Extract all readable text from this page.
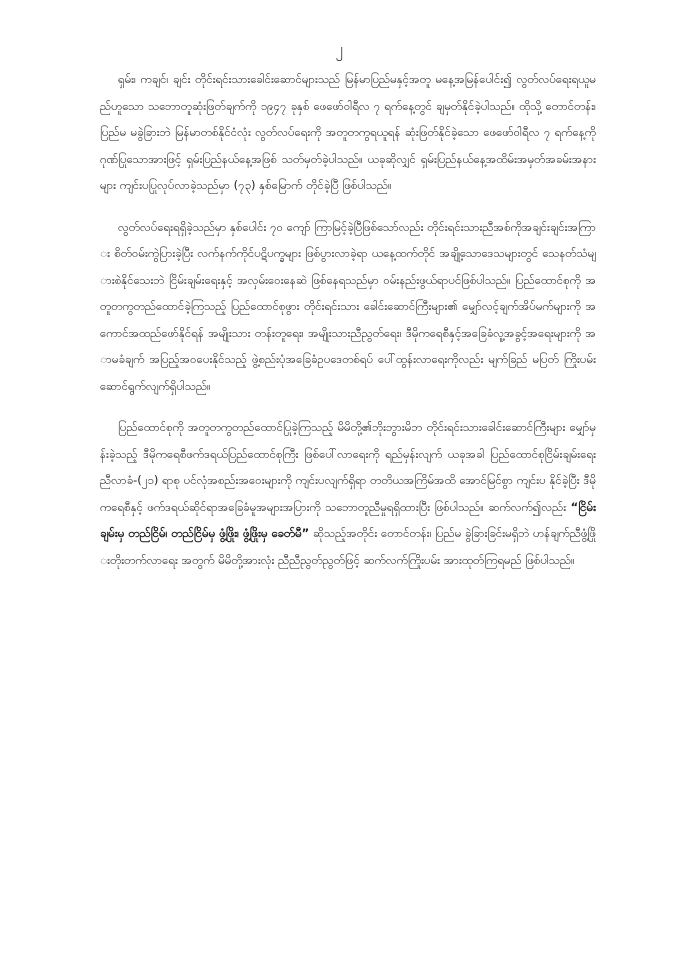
၂

ရှမ်း၊ ကချင်၊ ချင်း တိုင်းရင်းသားခေါင်းဆောင်များသည် မြန်မာပြည်မနှင့်အတူ မနေ့အမြန်ပေါင်း၍ လွတ်လပ်ရေးရယူမည်ဟူသော သဘောတူဆုံးဖြတ်ချက်ကို ၁၉၄၇ ခုနှစ် ဖေဖော်ဝါရီလ ၇ ရက်နေ့တွင် ချမှတ်နိုင်ခဲ့ပါသည်။ ထိုသို့ တောင်တန်း၊ ပြည်မ မခွဲခြားဘဲ မြန်မာတစ်နိုင်ငံလုံး လွတ်လပ်ရေးကို အတူတကွရယူရန် ဆုံးဖြတ်နိုင်ခဲ့သော ဖေဖော်ဝါရီလ ၇ ရက်နေ့ကို ဂုဏ်ပြုသောအားဖြင့် ရှမ်းပြည်နယ်နေ့အဖြစ် သတ်မှတ်ခဲ့ပါသည်။ ယခုဆိုလျှင် ရှမ်းပြည်နယ်နေ့အထိမ်းအမှတ်အခမ်းအနားများ ကျင်းပပြုလုပ်လာခဲ့သည်မှာ (၇၃) နှစ်မြောက် တိုင်ခဲ့ပြီ ဖြစ်ပါသည်။

လွတ်လပ်ရေးရရှိခဲ့သည်မှာ နှစ်ပေါင်း ၇၀ ကျော် ကြာမြင့်ခဲ့ပြီဖြစ်သော်လည်း တိုင်းရင်းသားညီအစ်ကိုအချင်းချင်းအကြား စိတ်ဝမ်းကွဲပြားခဲ့ပြီး လက်နက်ကိုင်ပဋိပက္ခများ ဖြစ်ပွားလာခဲ့ရာ ယနေ့ထက်တိုင် အချို့သောဒေသများတွင် သေနတ်သံများစဲနိုင်သေးဘဲ ငြိမ်းချမ်းရေးနှင့် အလှမ်းဝေးနေဆဲ ဖြစ်နေရသည်မှာ ဝမ်းနည်းဖွယ်ရာပင်ဖြစ်ပါသည်။ ပြည်ထောင်စုကို အတူတကွတည်ထောင်ခဲ့ကြသည့် ပြည်ထောင်စုဖွား တိုင်းရင်းသား ခေါင်းဆောင်ကြီးများ၏ မျှော်လင့်ချက်အိပ်မက်များကို အကောင်အထည်ဖော်နိုင်ရန် အမျိုးသား တန်းတူရေး၊ အမျိုးသားညီညွတ်ရေး၊ ဒီမိုကရေစီနှင့်အခြေခံလူ့အခွင့်အရေးများကို အာမခံချက် အပြည့်အဝပေးနိုင်သည့် ဖွဲ့စည်းပုံအခြေခံဥပဒေတစ်ရပ် ပေါ်ထွန်းလာရေးကိုလည်း မျက်ခြည် မပြတ် ကြိုးပမ်းဆောင်ရွက်လျက်ရှိပါသည်။

ပြည်ထောင်စုကို အတူတကွတည်ထောင်ပြုခဲ့ကြသည့် မိမိတို့၏ဘိုးဘွားမိဘ တိုင်းရင်းသားခေါင်းဆောင်ကြီးများ မျှော်မှန်းခဲ့သည့် ဒီမိုကရေစီဖက်ဒရယ်ပြည်ထောင်စုကြီး ဖြစ်ပေါ်လာရေးကို ရည်မှန်းလျက် ယခုအခါ ပြည်ထောင်စုငြိမ်းချမ်းရေးညီလာခံ-(၂၁) ရာစု ပင်လုံအစည်းအဝေးများကို ကျင်းပလျက်ရှိရာ တတိယအကြိမ်အထိ အောင်မြင်စွာ ကျင်းပ နိုင်ခဲ့ပြီး ဒီမိုကရေစီနှင့် ဖက်ဒရယ်ဆိုင်ရာအခြေခံမူအများအပြားကို သဘောတူညီမှုရရှိထားပြီး ဖြစ်ပါသည်။ ဆက်လက်၍လည်း “ငြိမ်းချမ်းမှ တည်ငြိမ်၊ တည်ငြိမ်မှ ဖွံ့ဖြိုး၊ ဖွံ့ဖြိုးမှ ခေတ်မီ” ဆိုသည့်အတိုင်း တောင်တန်း၊ ပြည်မ ခွဲခြားခြင်းမရှိဘဲ ဟန်ချက်ညီဖွံ့ဖြိုးတိုးတက်လာရေး အတွက် မိမိတို့အားလုံး ညီညီညွတ်ညွတ်ဖြင့် ဆက်လက်ကြိုးပမ်း အားထုတ်ကြရမည် ဖြစ်ပါသည်။
